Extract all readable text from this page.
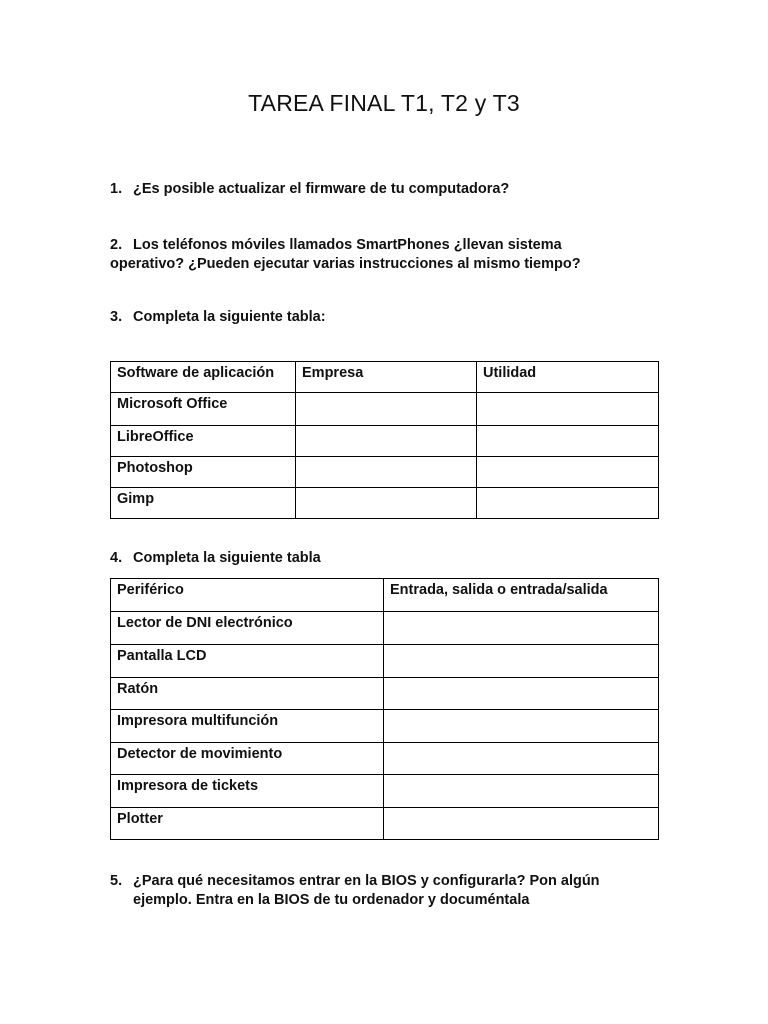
TAREA FINAL T1, T2 y T3
1. ¿Es posible actualizar el firmware de tu computadora?
2. Los teléfonos móviles llamados SmartPhones ¿llevan sistema
operativo? ¿Pueden ejecutar varias instrucciones al mismo tiempo?
3. Completa la siguiente tabla:
Software de aplicación	Empresa	Utilidad
Microsoft Office		
LibreOffice		
Photoshop		
Gimp		
4. Completa la siguiente tabla
Periférico	Entrada, salida o entrada/salida
Lector de DNI electrónico	
Pantalla LCD	
Ratón	
Impresora multifunción	
Detector de movimiento	
Impresora de tickets	
Plotter	
5. ¿Para qué necesitamos entrar en la BIOS y configurarla? Pon algún
ejemplo. Entra en la BIOS de tu ordenador y documéntala
